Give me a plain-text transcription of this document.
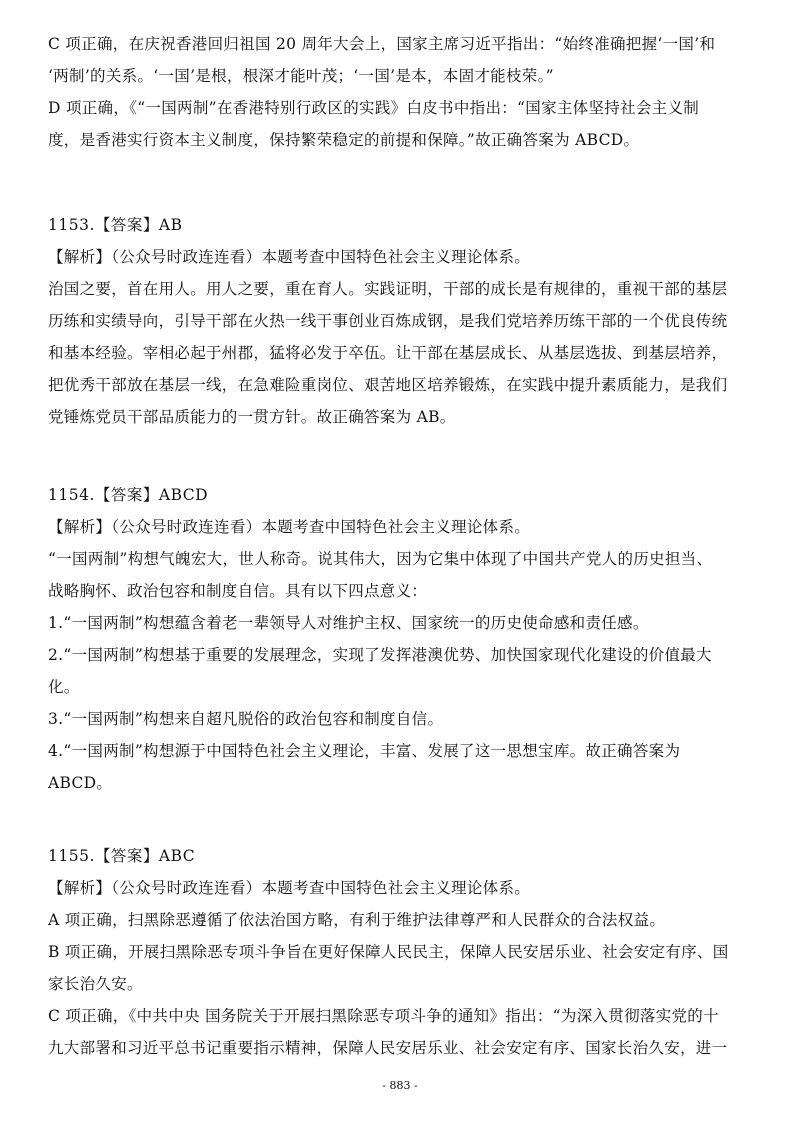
C 项正确，在庆祝香港回归祖国 20 周年大会上，国家主席习近平指出：“始终准确把握‘一国’和
‘两制’的关系。‘一国’是根，根深才能叶茂；‘一国’是本，本固才能枝荣。”
D 项正确，《“一国两制”在香港特别行政区的实践》白皮书中指出：“国家主体坚持社会主义制
度，是香港实行资本主义制度，保持繁荣稳定的前提和保障。”故正确答案为 ABCD。
1153.【答案】AB
【解析】（公众号时政连连看）本题考查中国特色社会主义理论体系。
治国之要，首在用人。用人之要，重在育人。实践证明，干部的成长是有规律的，重视干部的基层
历练和实绩导向，引导干部在火热一线干事创业百炼成钢，是我们党培养历练干部的一个优良传统
和基本经验。宰相必起于州郡，猛将必发于卒伍。让干部在基层成长、从基层选拔、到基层培养，
把优秀干部放在基层一线，在急难险重岗位、艰苦地区培养锻炼，在实践中提升素质能力，是我们
党锤炼党员干部品质能力的一贯方针。故正确答案为 AB。
1154.【答案】ABCD
【解析】（公众号时政连连看）本题考查中国特色社会主义理论体系。
“一国两制”构想气魄宏大，世人称奇。说其伟大，因为它集中体现了中国共产党人的历史担当、
战略胸怀、政治包容和制度自信。具有以下四点意义：
1.“一国两制”构想蕴含着老一辈领导人对维护主权、国家统一的历史使命感和责任感。
2.“一国两制”构想基于重要的发展理念，实现了发挥港澳优势、加快国家现代化建设的价值最大
化。
3.“一国两制”构想来自超凡脱俗的政治包容和制度自信。
4.“一国两制”构想源于中国特色社会主义理论，丰富、发展了这一思想宝库。故正确答案为
ABCD。
1155.【答案】ABC
【解析】（公众号时政连连看）本题考查中国特色社会主义理论体系。
A 项正确，扫黑除恶遵循了依法治国方略，有利于维护法律尊严和人民群众的合法权益。
B 项正确，开展扫黑除恶专项斗争旨在更好保障人民民主，保障人民安居乐业、社会安定有序、国
家长治久安。
C 项正确，《中共中央 国务院关于开展扫黑除恶专项斗争的通知》指出：“为深入贯彻落实党的十
九大部署和习近平总书记重要指示精神，保障人民安居乐业、社会安定有序、国家长治久安，进一
- 883 -
